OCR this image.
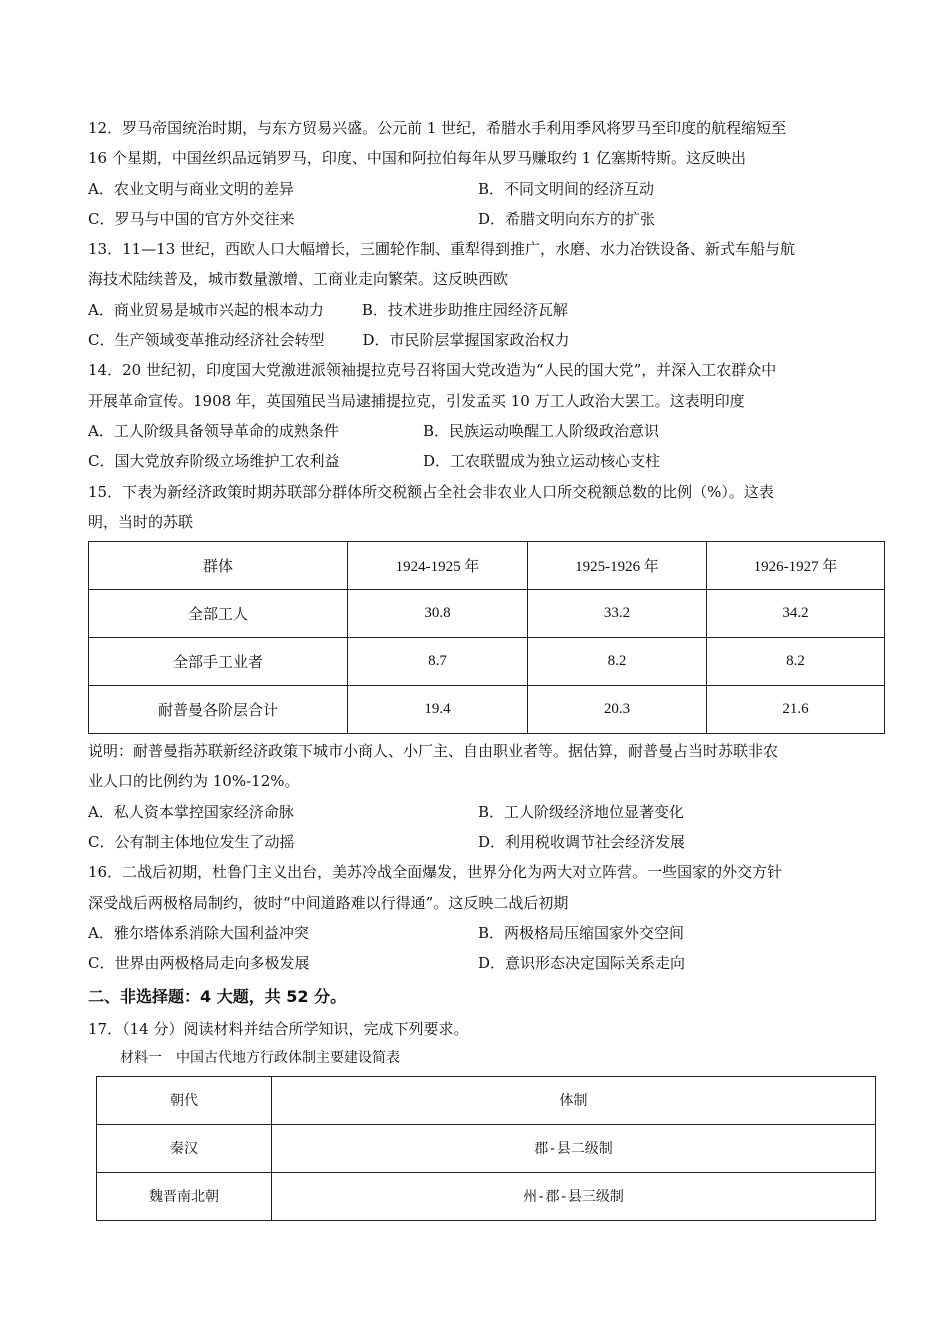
12．罗马帝国统治时期，与东方贸易兴盛。公元前 1 世纪，希腊水手利用季风将罗马至印度的航程缩短至
16 个星期，中国丝织品远销罗马，印度、中国和阿拉伯每年从罗马赚取约 1 亿塞斯特斯。这反映出
A．农业文明与商业文明的差异	B．不同文明间的经济互动
C．罗马与中国的官方外交往来	D．希腊文明向东方的扩张
13．11—13 世纪，西欧人口大幅增长，三圃轮作制、重犁得到推广，水磨、水力冶铁设备、新式车船与航
海技术陆续普及，城市数量激增、工商业走向繁荣。这反映西欧
A．商业贸易是城市兴起的根本动力	B．技术进步助推庄园经济瓦解
C．生产领域变革推动经济社会转型	D．市民阶层掌握国家政治权力
14．20 世纪初，印度国大党激进派领袖提拉克号召将国大党改造为“人民的国大党”，并深入工农群众中
开展革命宣传。1908 年，英国殖民当局逮捕提拉克，引发孟买 10 万工人政治大罢工。这表明印度
A．工人阶级具备领导革命的成熟条件	B．民族运动唤醒工人阶级政治意识
C．国大党放弃阶级立场维护工农利益	D．工农联盟成为独立运动核心支柱
15．下表为新经济政策时期苏联部分群体所交税额占全社会非农业人口所交税额总数的比例（%）。这表
明，当时的苏联
群体	1924-1925 年	1925-1926 年	1926-1927 年
全部工人	30.8	33.2	34.2
全部手工业者	8.7	8.2	8.2
耐普曼各阶层合计	19.4	20.3	21.6
说明：耐普曼指苏联新经济政策下城市小商人、小厂主、自由职业者等。据估算，耐普曼占当时苏联非农
业人口的比例约为 10%-12%。
A．私人资本掌控国家经济命脉	B．工人阶级经济地位显著变化
C．公有制主体地位发生了动摇	D．利用税收调节社会经济发展
16．二战后初期，杜鲁门主义出台，美苏冷战全面爆发，世界分化为两大对立阵营。一些国家的外交方针
深受战后两极格局制约，彼时“中间道路难以行得通”。这反映二战后初期
A．雅尔塔体系消除大国利益冲突	B．两极格局压缩国家外交空间
C．世界由两极格局走向多极发展	D．意识形态决定国际关系走向
二、非选择题：4 大题，共 52 分。
17．（14 分）阅读材料并结合所学知识，完成下列要求。
材料一　中国古代地方行政体制主要建设简表
朝代	体制
秦汉	郡-县二级制
魏晋南北朝	州-郡-县三级制
